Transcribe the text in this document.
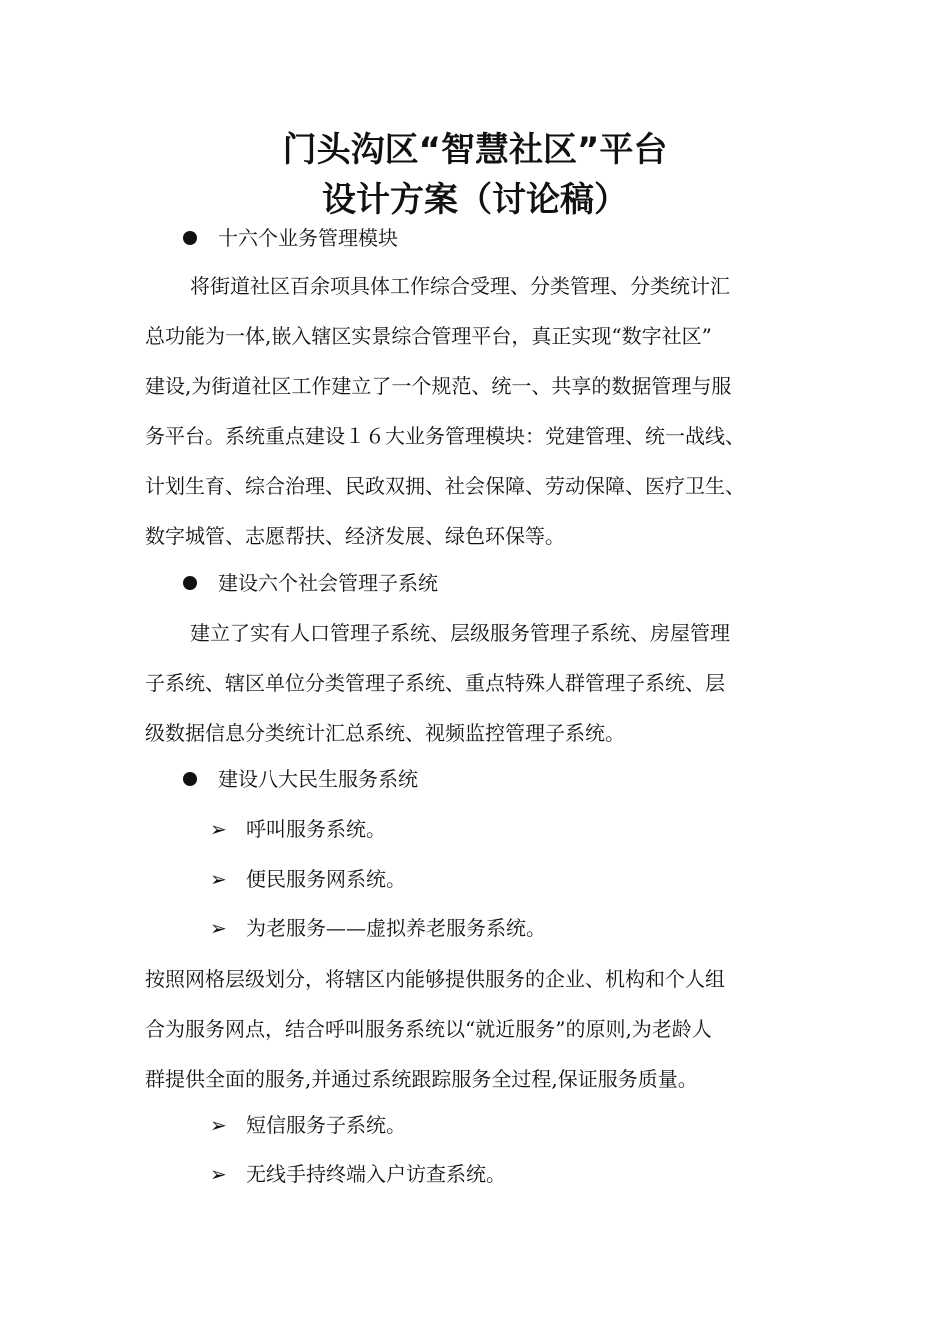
门头沟区“智慧社区”平台
设计方案（讨论稿）

十六个业务管理模块

将街道社区百余项具体工作综合受理、分类管理、分类统计汇

总功能为一体,嵌入辖区实景综合管理平台，真正实现“数字社区”

建设,为街道社区工作建立了一个规范、统一、共享的数据管理与服

务平台。系统重点建设１６大业务管理模块：党建管理、统一战线、

计划生育、综合治理、民政双拥、社会保障、劳动保障、医疗卫生、

数字城管、志愿帮扶、经济发展、绿色环保等。

建设六个社会管理子系统

建立了实有人口管理子系统、层级服务管理子系统、房屋管理

子系统、辖区单位分类管理子系统、重点特殊人群管理子系统、层

级数据信息分类统计汇总系统、视频监控管理子系统。

建设八大民生服务系统

➢ 呼叫服务系统。

➢ 便民服务网系统。

➢ 为老服务——虚拟养老服务系统。

按照网格层级划分，将辖区内能够提供服务的企业、机构和个人组

合为服务网点，结合呼叫服务系统以“就近服务”的原则,为老龄人

群提供全面的服务,并通过系统跟踪服务全过程,保证服务质量。

➢ 短信服务子系统。

➢ 无线手持终端入户访查系统。
